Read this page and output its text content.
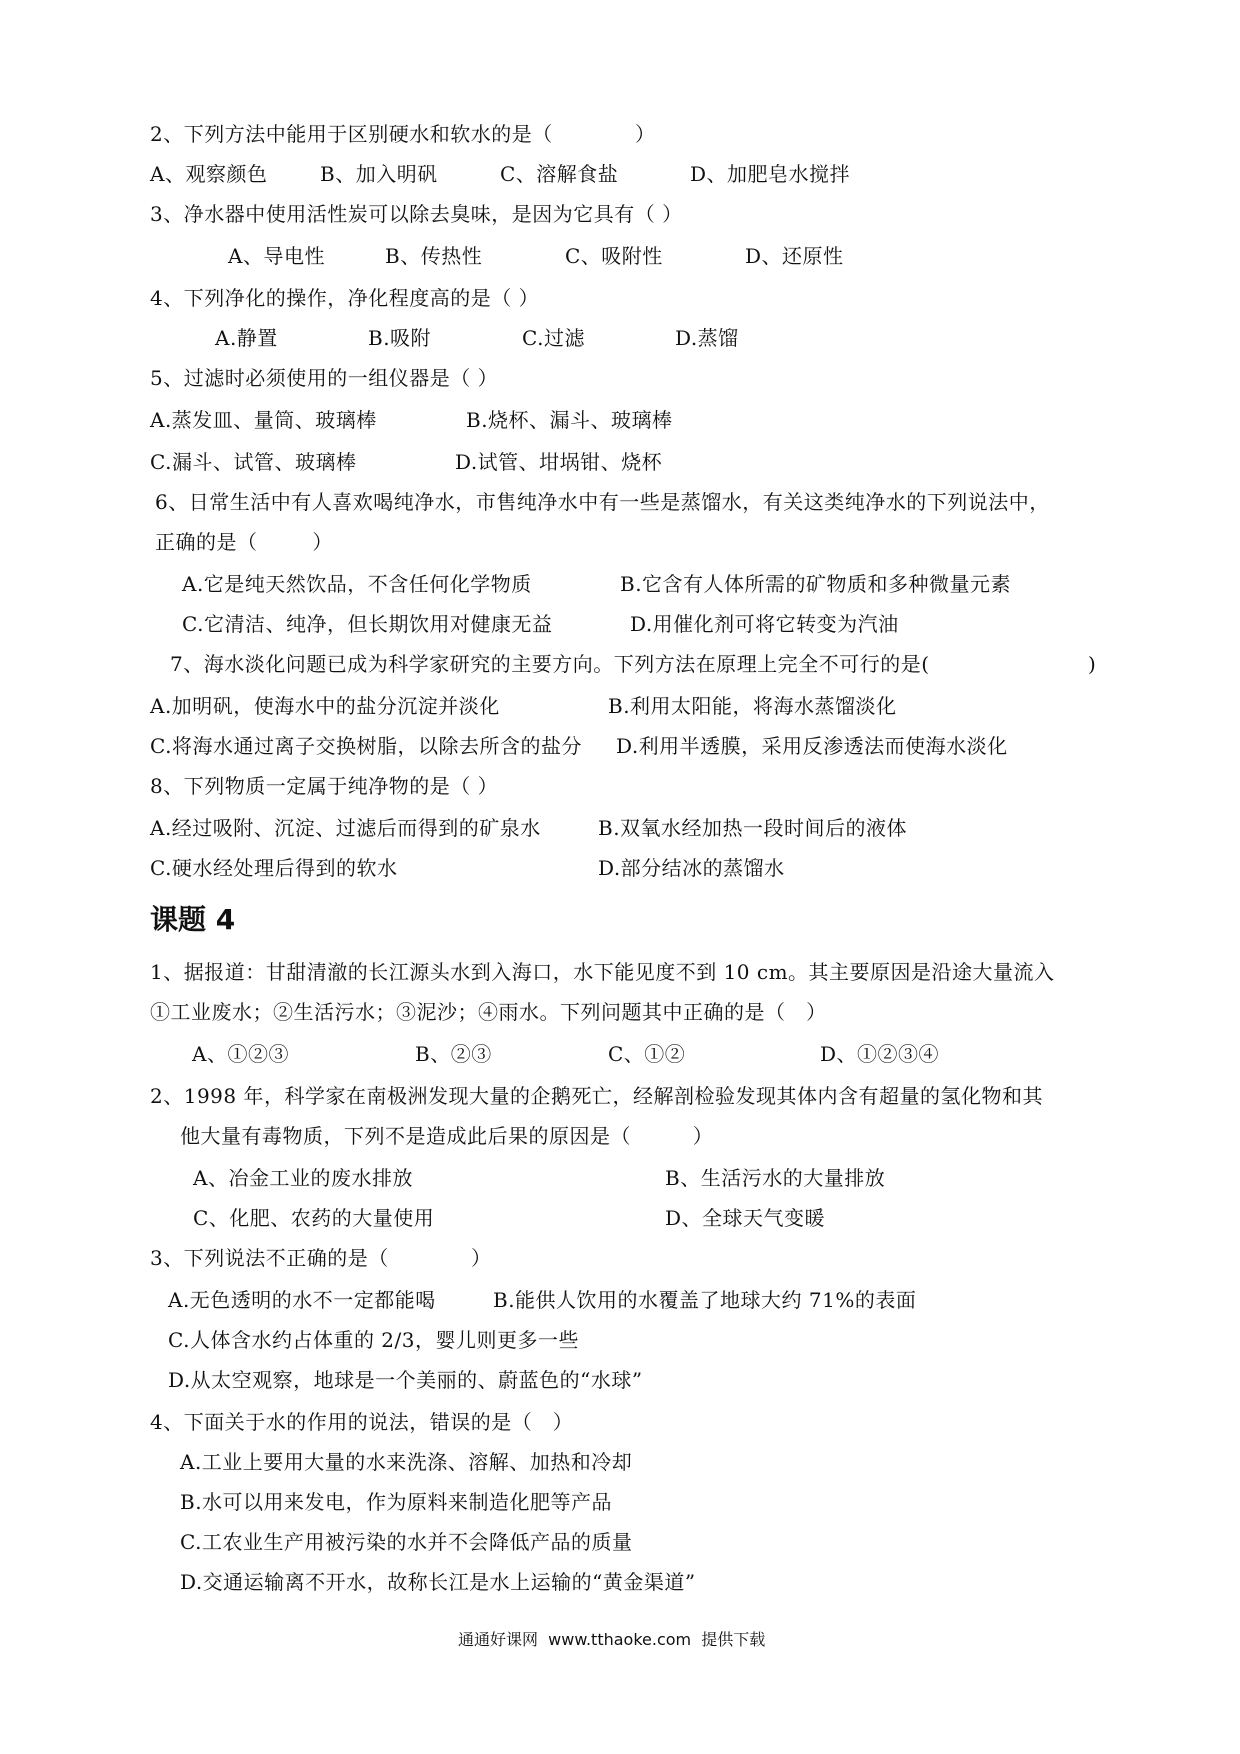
2、下列方法中能用于区别硬水和软水的是（            ）
A、观察颜色	B、加入明矾	C、溶解食盐	D、加肥皂水搅拌
3、净水器中使用活性炭可以除去臭味，是因为它具有（ ）
A、导电性	B、传热性	C、吸附性	D、还原性
4、下列净化的操作，净化程度高的是（ ）
A.静置	B.吸附	C.过滤	D.蒸馏
5、过滤时必须使用的一组仪器是（ ）
A.蒸发皿、量筒、玻璃棒	B.烧杯、漏斗、玻璃棒
C.漏斗、试管、玻璃棒	D.试管、坩埚钳、烧杯
6、日常生活中有人喜欢喝纯净水，市售纯净水中有一些是蒸馏水，有关这类纯净水的下列说法中，
正确的是（        ）
A.它是纯天然饮品，不含任何化学物质	B.它含有人体所需的矿物质和多种微量元素
C.它清洁、纯净，但长期饮用对健康无益	D.用催化剂可将它转变为汽油
7、海水淡化问题已成为科学家研究的主要方向。下列方法在原理上完全不可行的是(	)
A.加明矾，使海水中的盐分沉淀并淡化	B.利用太阳能，将海水蒸馏淡化
C.将海水通过离子交换树脂，以除去所含的盐分 D.利用半透膜，采用反渗透法而使海水淡化
8、下列物质一定属于纯净物的是（ ）
A.经过吸附、沉淀、过滤后而得到的矿泉水	B.双氧水经加热一段时间后的液体
C.硬水经处理后得到的软水	D.部分结冰的蒸馏水
课题 4
1、据报道：甘甜清澈的长江源头水到入海口，水下能见度不到 10 cm。其主要原因是沿途大量流入
①工业废水；②生活污水；③泥沙；④雨水。下列问题其中正确的是（   ）
A、①②③	B、②③	C、①②	D、①②③④
2、1998 年，科学家在南极洲发现大量的企鹅死亡，经解剖检验发现其体内含有超量的氢化物和其
他大量有毒物质，下列不是造成此后果的原因是（         ）
A、冶金工业的废水排放	B、生活污水的大量排放
C、化肥、农药的大量使用	D、全球天气变暖
3、下列说法不正确的是（            ）
A.无色透明的水不一定都能喝	B.能供人饮用的水覆盖了地球大约 71%的表面
C.人体含水约占体重的 2/3，婴儿则更多一些
D.从太空观察，地球是一个美丽的、蔚蓝色的“水球”
4、下面关于水的作用的说法，错误的是（   ）
A.工业上要用大量的水来洗涤、溶解、加热和冷却
B.水可以用来发电，作为原料来制造化肥等产品
C.工农业生产用被污染的水并不会降低产品的质量
D.交通运输离不开水，故称长江是水上运输的“黄金渠道”
通通好课网  www.tthaoke.com  提供下载
